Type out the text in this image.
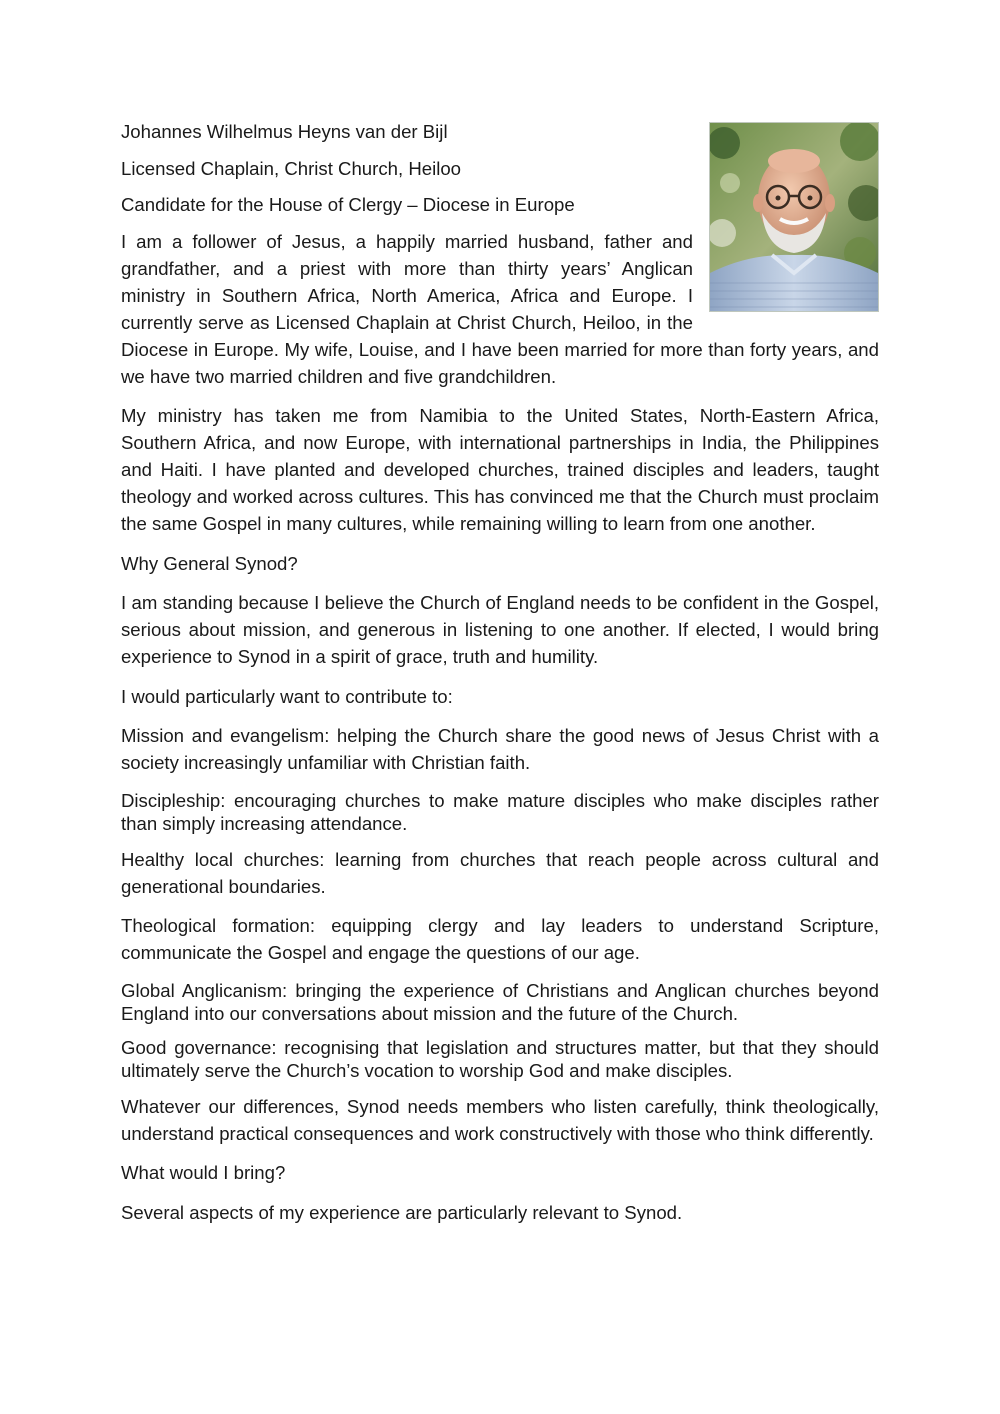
Johannes Wilhelmus Heyns van der Bijl
Licensed Chaplain, Christ Church, Heiloo
Candidate for the House of Clergy – Diocese in Europe

I am a follower of Jesus, a happily married husband, father and grandfather, and a priest with more than thirty years’ Anglican ministry in Southern Africa, North America, Africa and Europe. I currently serve as Licensed Chaplain at Christ Church, Heiloo, in the Diocese in Europe. My wife, Louise, and I have been married for more than forty years, and we have two married children and five grandchildren.

My ministry has taken me from Namibia to the United States, North-Eastern Africa, Southern Africa, and now Europe, with international partnerships in India, the Philippines and Haiti. I have planted and developed churches, trained disciples and leaders, taught theology and worked across cultures. This has convinced me that the Church must proclaim the same Gospel in many cultures, while remaining willing to learn from one another.

Why General Synod?

I am standing because I believe the Church of England needs to be confident in the Gospel, serious about mission, and generous in listening to one another. If elected, I would bring experience to Synod in a spirit of grace, truth and humility.

I would particularly want to contribute to:

Mission and evangelism: helping the Church share the good news of Jesus Christ with a society increasingly unfamiliar with Christian faith.

Discipleship: encouraging churches to make mature disciples who make disciples rather than simply increasing attendance.

Healthy local churches: learning from churches that reach people across cultural and generational boundaries.

Theological formation: equipping clergy and lay leaders to understand Scripture, communicate the Gospel and engage the questions of our age.

Global Anglicanism: bringing the experience of Christians and Anglican churches beyond England into our conversations about mission and the future of the Church.

Good governance: recognising that legislation and structures matter, but that they should ultimately serve the Church’s vocation to worship God and make disciples.

Whatever our differences, Synod needs members who listen carefully, think theologically, understand practical consequences and work constructively with those who think differently.

What would I bring?

Several aspects of my experience are particularly relevant to Synod.
